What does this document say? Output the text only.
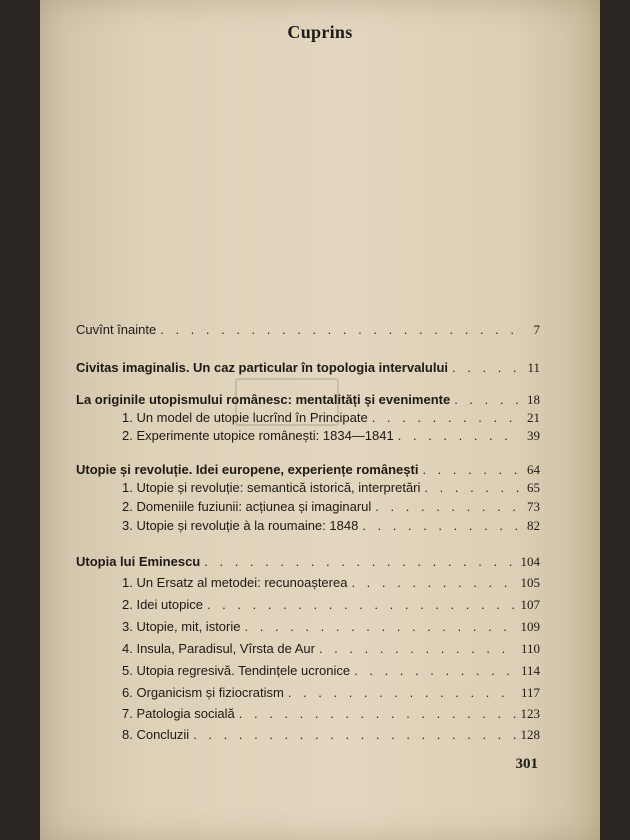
Cuprins
Cuvînt înainte . . .	7
Civitas imaginalis. Un caz particular în topologia intervalului . . .	11
La originile utopismului românesc: mentalități și evenimente . . .	18
1. Un model de utopie lucrînd în Principate . . .	21
2. Experimente utopice românești: 1834—1841 . . .	39
Utopie și revoluție. Idei europene, experiențe românești . . .	64
1. Utopie și revoluție: semantică istorică, interpretări . . .	65
2. Domeniile fuziunii: acțiunea și imaginarul . . .	73
3. Utopie și revoluție à la roumaine: 1848 . . .	82
Utopia lui Eminescu . . .	104
1. Un Ersatz al metodei: recunoașterea . . .	105
2. Idei utopice . . .	107
3. Utopie, mit, istorie . . .	109
4. Insula, Paradisul, Vîrsta de Aur . . .	110
5. Utopia regresivă. Tendințele ucronice . . .	114
6. Organicism și fiziocratism . . .	117
7. Patologia socială . . .	123
8. Concluzii . . .	128
301
